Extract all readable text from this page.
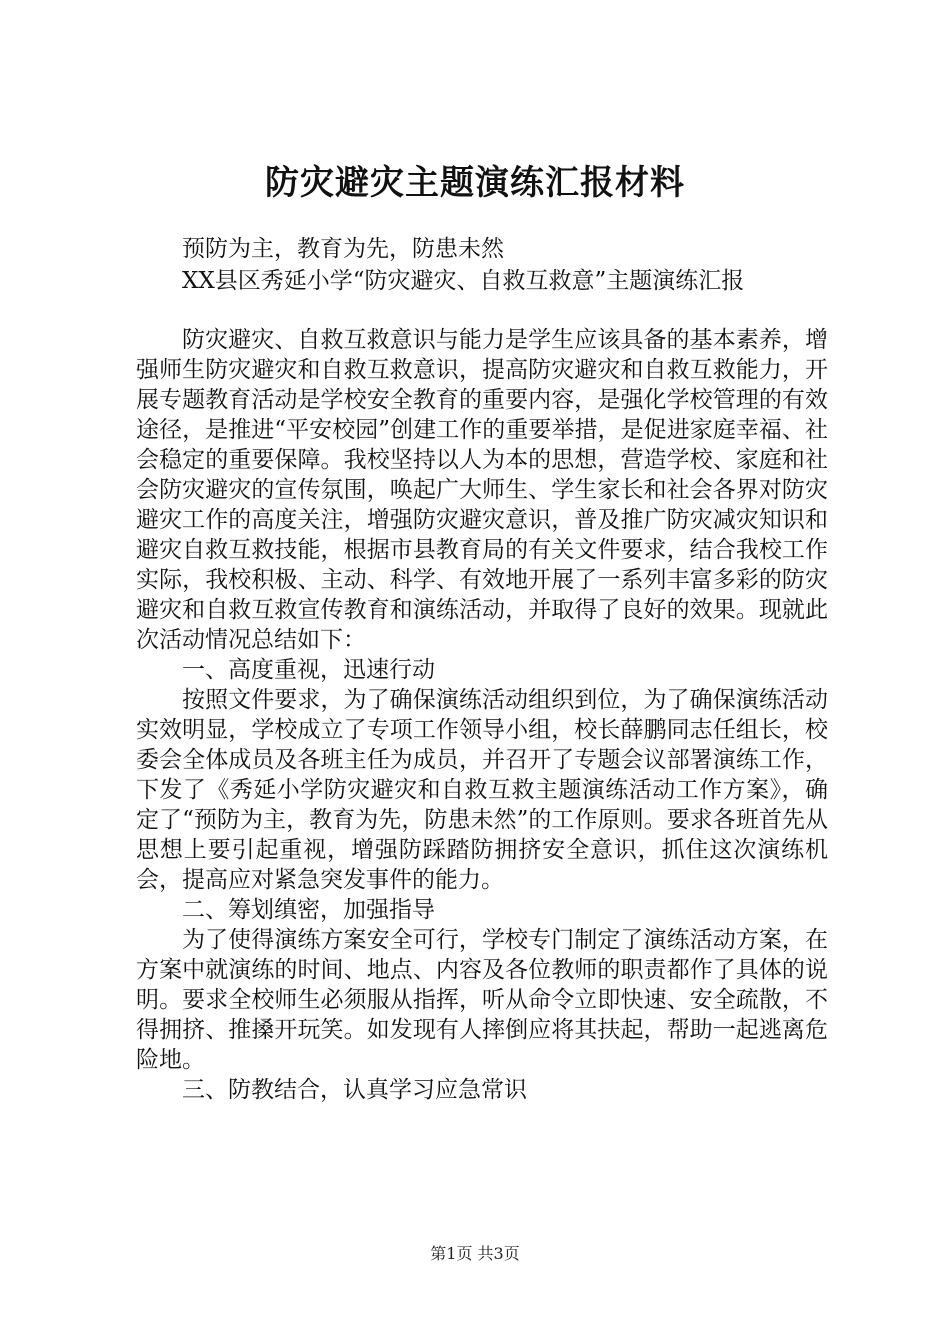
防灾避灾主题演练汇报材料
预防为主，教育为先，防患未然
XX县区秀延小学“防灾避灾、自救互救意”主题演练汇报

防灾避灾、自救互救意识与能力是学生应该具备的基本素养，增强师生防灾避灾和自救互救意识，提高防灾避灾和自救互救能力，开展专题教育活动是学校安全教育的重要内容，是强化学校管理的有效途径，是推进“平安校园”创建工作的重要举措，是促进家庭幸福、社会稳定的重要保障。我校坚持以人为本的思想，营造学校、家庭和社会防灾避灾的宣传氛围，唤起广大师生、学生家长和社会各界对防灾避灾工作的高度关注，增强防灾避灾意识，普及推广防灾减灾知识和避灾自救互救技能，根据市县教育局的有关文件要求，结合我校工作实际，我校积极、主动、科学、有效地开展了一系列丰富多彩的防灾避灾和自救互救宣传教育和演练活动，并取得了良好的效果。现就此次活动情况总结如下：

一、高度重视，迅速行动

按照文件要求，为了确保演练活动组织到位，为了确保演练活动实效明显，学校成立了专项工作领导小组，校长薛鹏同志任组长，校委会全体成员及各班主任为成员，并召开了专题会议部署演练工作，下发了《秀延小学防灾避灾和自救互救主题演练活动工作方案》，确定了“预防为主，教育为先，防患未然”的工作原则。要求各班首先从思想上要引起重视，增强防踩踏防拥挤安全意识，抓住这次演练机会，提高应对紧急突发事件的能力。

二、筹划缜密，加强指导

为了使得演练方案安全可行，学校专门制定了演练活动方案，在方案中就演练的时间、地点、内容及各位教师的职责都作了具体的说明。要求全校师生必须服从指挥，听从命令立即快速、安全疏散，不得拥挤、推搡开玩笑。如发现有人摔倒应将其扶起，帮助一起逃离危险地。

三、防教结合，认真学习应急常识

第1页 共3页
